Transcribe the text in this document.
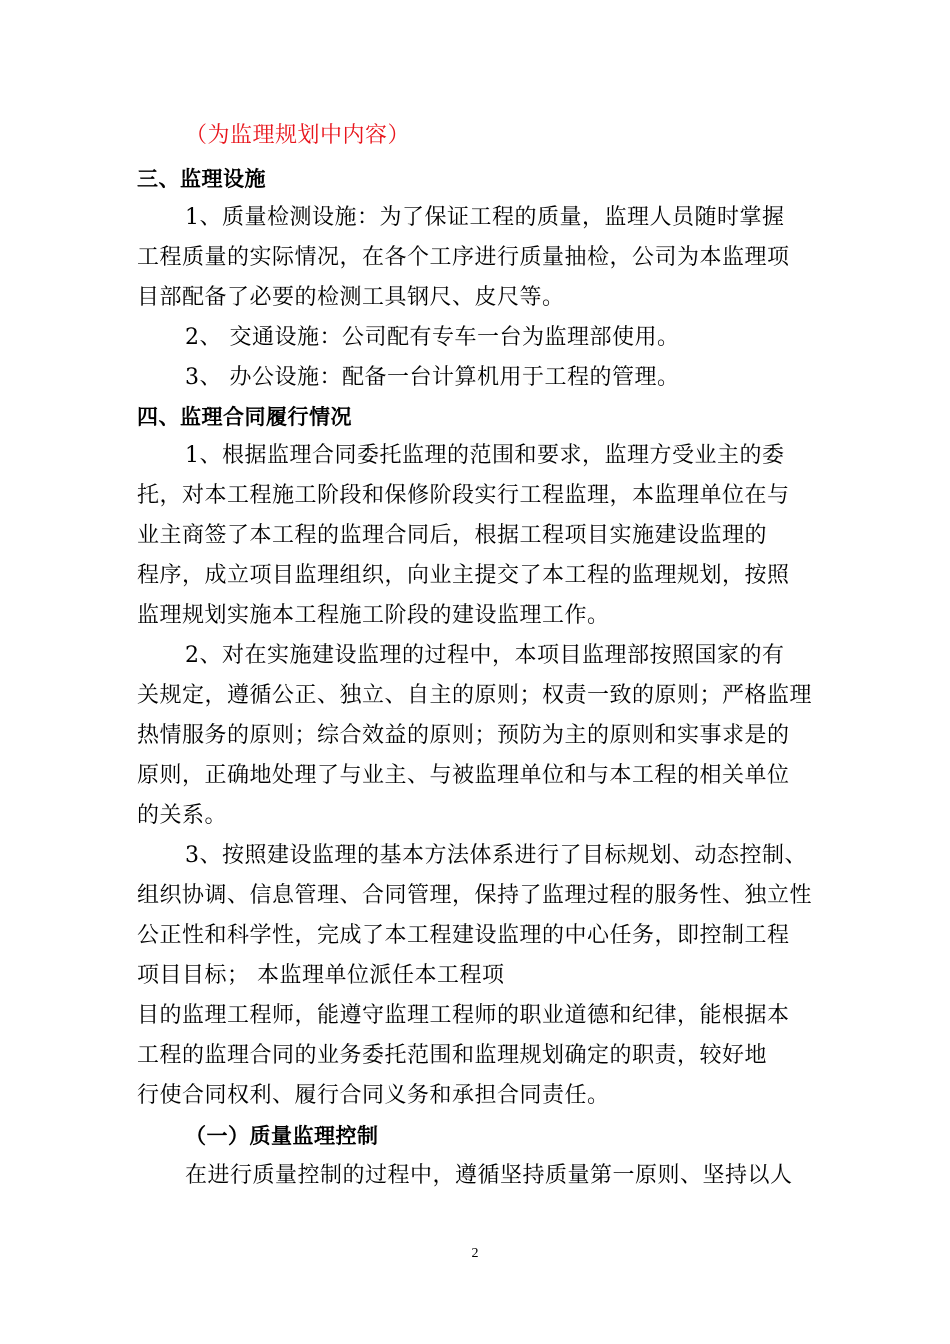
（为监理规划中内容）
三、监理设施
1、质量检测设施：为了保证工程的质量，监理人员随时掌握
工程质量的实际情况，在各个工序进行质量抽检，公司为本监理项
目部配备了必要的检测工具钢尺、皮尺等。
2、 交通设施：公司配有专车一台为监理部使用。
3、 办公设施：配备一台计算机用于工程的管理。
四、监理合同履行情况
1、根据监理合同委托监理的范围和要求，监理方受业主的委
托，对本工程施工阶段和保修阶段实行工程监理，本监理单位在与
业主商签了本工程的监理合同后，根据工程项目实施建设监理的
程序，成立项目监理组织，向业主提交了本工程的监理规划，按照
监理规划实施本工程施工阶段的建设监理工作。
2、对在实施建设监理的过程中，本项目监理部按照国家的有
关规定，遵循公正、独立、自主的原则；权责一致的原则；严格监理
热情服务的原则；综合效益的原则；预防为主的原则和实事求是的
原则，正确地处理了与业主、与被监理单位和与本工程的相关单位
的关系。
3、按照建设监理的基本方法体系进行了目标规划、动态控制、
组织协调、信息管理、合同管理，保持了监理过程的服务性、独立性
公正性和科学性，完成了本工程建设监理的中心任务，即控制工程
项目目标； 本监理单位派任本工程项
目的监理工程师，能遵守监理工程师的职业道德和纪律，能根据本
工程的监理合同的业务委托范围和监理规划确定的职责，较好地
行使合同权利、履行合同义务和承担合同责任。
（一）质量监理控制
在进行质量控制的过程中，遵循坚持质量第一原则、坚持以人
2
